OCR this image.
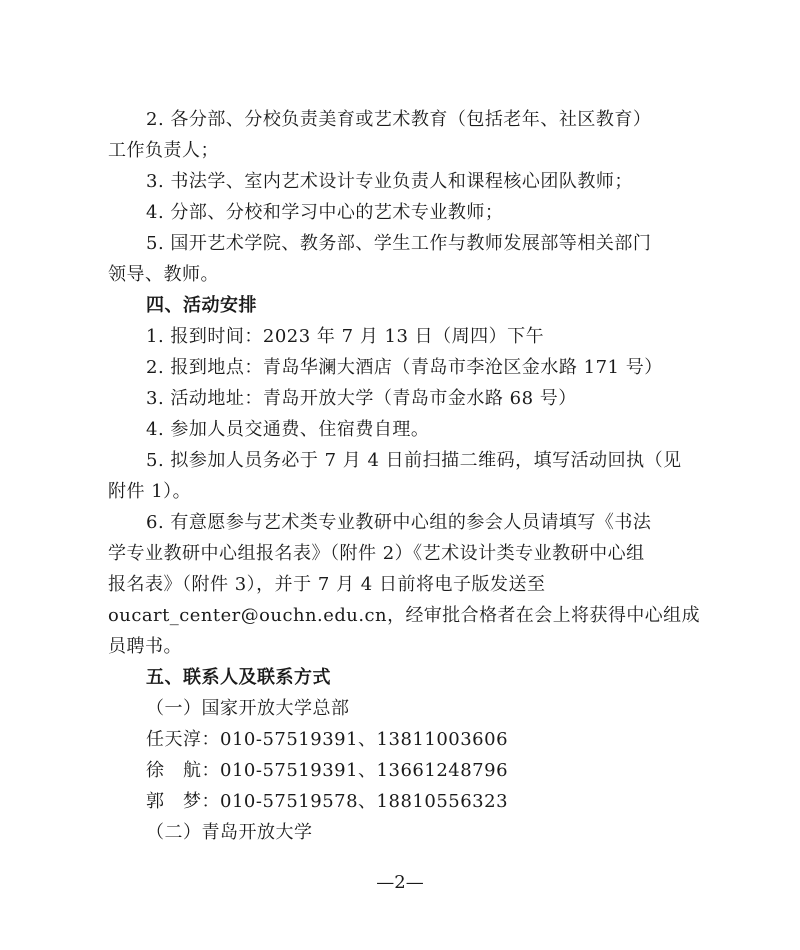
2. 各分部、分校负责美育或艺术教育（包括老年、社区教育）
工作负责人；
3. 书法学、室内艺术设计专业负责人和课程核心团队教师；
4. 分部、分校和学习中心的艺术专业教师；
5. 国开艺术学院、教务部、学生工作与教师发展部等相关部门
领导、教师。
四、活动安排
1. 报到时间：2023 年 7 月 13 日（周四）下午
2. 报到地点：青岛华澜大酒店（青岛市李沧区金水路 171 号）
3. 活动地址：青岛开放大学（青岛市金水路 68 号）
4. 参加人员交通费、住宿费自理。
5. 拟参加人员务必于 7 月 4 日前扫描二维码，填写活动回执（见
附件 1）。
6. 有意愿参与艺术类专业教研中心组的参会人员请填写《书法
学专业教研中心组报名表》（附件 2）《艺术设计类专业教研中心组
报名表》（附件 3），并于 7 月 4 日前将电子版发送至
oucart_center@ouchn.edu.cn，经审批合格者在会上将获得中心组成
员聘书。
五、联系人及联系方式
（一）国家开放大学总部
任天淳：010-57519391、13811003606
徐　航：010-57519391、13661248796
郭　梦：010-57519578、18810556323
（二）青岛开放大学
—2—
